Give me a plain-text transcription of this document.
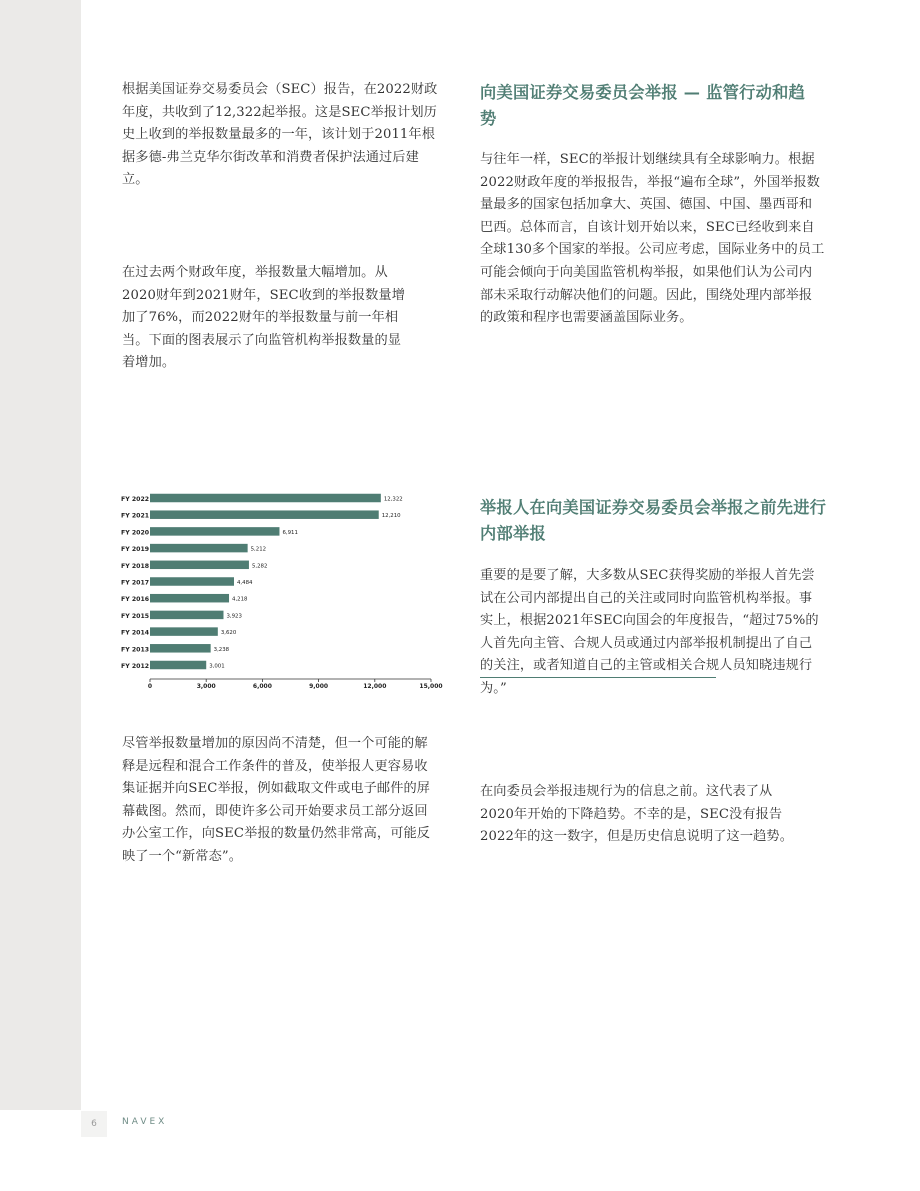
根据美国证券交易委员会（SEC）报告，在2022财政年度，共收到了12,322起举报。这是SEC举报计划历史上收到的举报数量最多的一年，该计划于2011年根据多德-弗兰克华尔街改革和消费者保护法通过后建立。

在过去两个财政年度，举报数量大幅增加。从2020财年到2021财年，SEC收到的举报数量增加了76%，而2022财年的举报数量与前一年相当。下面的图表展示了向监管机构举报数量的显着增加。

FY 2022	12,322
FY 2021	12,210
FY 2020	6,911
FY 2019	5,212
FY 2018	5,282
FY 2017	4,484
FY 2016	4,218
FY 2015	3,923
FY 2014	3,620
FY 2013	3,238
FY 2012	3,001
0	3,000	6,000	9,000	12,000	15,000

尽管举报数量增加的原因尚不清楚，但一个可能的解释是远程和混合工作条件的普及，使举报人更容易收集证据并向SEC举报，例如截取文件或电子邮件的屏幕截图。然而，即使许多公司开始要求员工部分返回办公室工作，向SEC举报的数量仍然非常高，可能反映了一个“新常态”。

向美国证券交易委员会举报 — 监管行动和趋势

与往年一样，SEC的举报计划继续具有全球影响力。根据2022财政年度的举报报告，举报“遍布全球”，外国举报数量最多的国家包括加拿大、英国、德国、中国、墨西哥和巴西。总体而言，自该计划开始以来，SEC已经收到来自全球130多个国家的举报。公司应考虑，国际业务中的员工可能会倾向于向美国监管机构举报，如果他们认为公司内部未采取行动解决他们的问题。因此，围绕处理内部举报的政策和程序也需要涵盖国际业务。

举报人在向美国证券交易委员会举报之前先进行内部举报

重要的是要了解，大多数从SEC获得奖励的举报人首先尝试在公司内部提出自己的关注或同时向监管机构举报。事实上，根据2021年SEC向国会的年度报告，“超过75%的人首先向主管、合规人员或通过内部举报机制提出了自己的关注，或者知道自己的主管或相关合规人员知晓违规行为。”

在向委员会举报违规行为的信息之前。这代表了从2020年开始的下降趋势。不幸的是，SEC没有报告2022年的这一数字，但是历史信息说明了这一趋势。

6	NAVEX
